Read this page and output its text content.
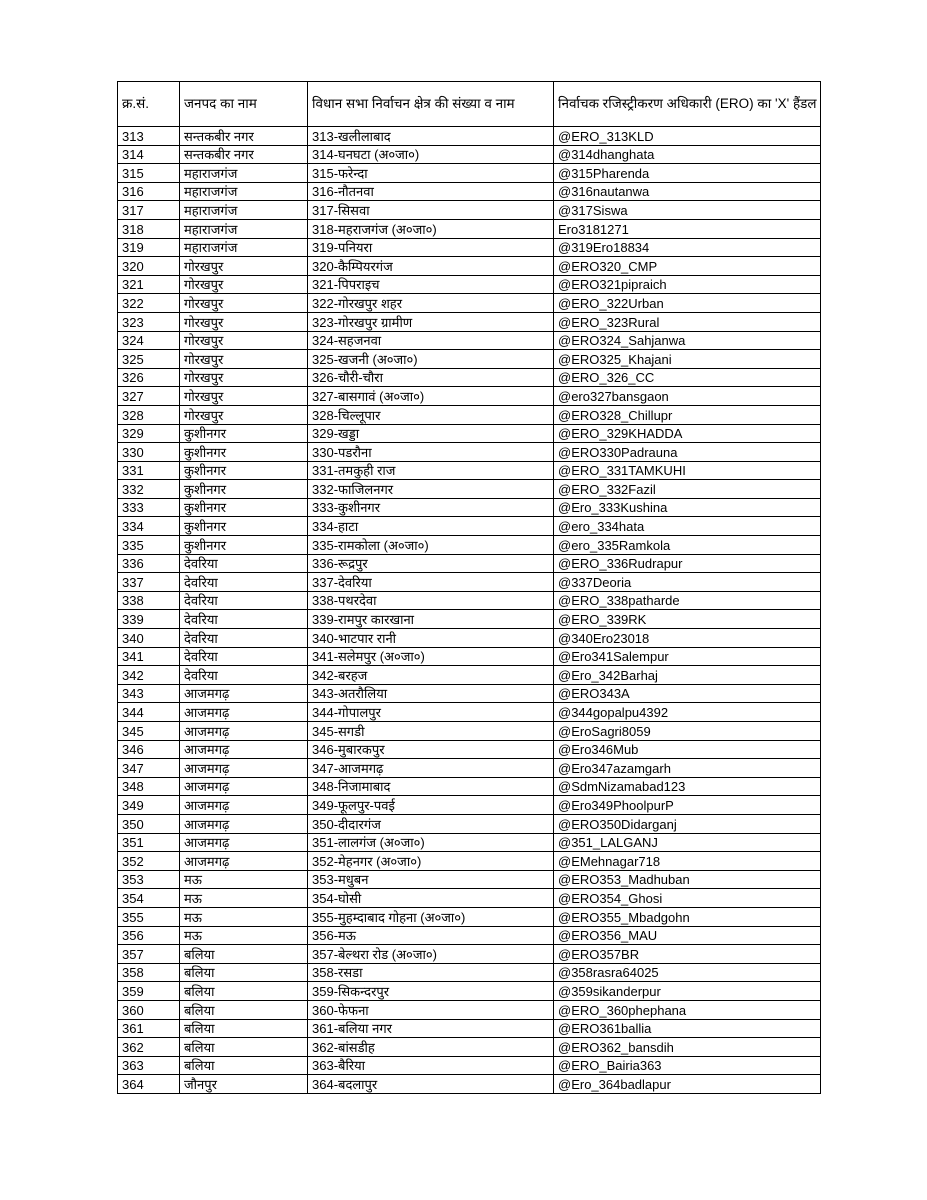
क्र.सं.	जनपद का नाम	विधान सभा निर्वाचन क्षेत्र की संख्या व नाम	निर्वाचक रजिस्ट्रीकरण अधिकारी (ERO) का 'X' हैंडल
313	सन्तकबीर नगर	313-खलीलाबाद	@ERO_313KLD
314	सन्तकबीर नगर	314-घनघटा (अ०जा०)	@314dhanghata
315	महाराजगंज	315-फरेन्दा	@315Pharenda
316	महाराजगंज	316-नौतनवा	@316nautanwa
317	महाराजगंज	317-सिसवा	@317Siswa
318	महाराजगंज	318-महराजगंज (अ०जा०)	Ero3181271
319	महाराजगंज	319-पनियरा	@319Ero18834
320	गोरखपुर	320-कैम्पियरगंज	@ERO320_CMP
321	गोरखपुर	321-पिपराइच	@ERO321pipraich
322	गोरखपुर	322-गोरखपुर शहर	@ERO_322Urban
323	गोरखपुर	323-गोरखपुर ग्रामीण	@ERO_323Rural
324	गोरखपुर	324-सहजनवा	@ERO324_Sahjanwa
325	गोरखपुर	325-खजनी (अ०जा०)	@ERO325_Khajani
326	गोरखपुर	326-चौरी-चौरा	@ERO_326_CC
327	गोरखपुर	327-बासगावं (अ०जा०)	@ero327bansgaon
328	गोरखपुर	328-चिल्लूपार	@ERO328_Chillupr
329	कुशीनगर	329-खड्डा	@ERO_329KHADDA
330	कुशीनगर	330-पडरौना	@ERO330Padrauna
331	कुशीनगर	331-तमकुही राज	@ERO_331TAMKUHI
332	कुशीनगर	332-फाजिलनगर	@ERO_332Fazil
333	कुशीनगर	333-कुशीनगर	@Ero_333Kushina
334	कुशीनगर	334-हाटा	@ero_334hata
335	कुशीनगर	335-रामकोला (अ०जा०)	@ero_335Ramkola
336	देवरिया	336-रूद्रपुर	@ERO_336Rudrapur
337	देवरिया	337-देवरिया	@337Deoria
338	देवरिया	338-पथरदेवा	@ERO_338patharde
339	देवरिया	339-रामपुर कारखाना	@ERO_339RK
340	देवरिया	340-भाटपार रानी	@340Ero23018
341	देवरिया	341-सलेमपुर (अ०जा०)	@Ero341Salempur
342	देवरिया	342-बरहज	@Ero_342Barhaj
343	आजमगढ़	343-अतरौलिया	@ERO343A
344	आजमगढ़	344-गोपालपुर	@344gopalpu4392
345	आजमगढ़	345-सगडी	@EroSagri8059
346	आजमगढ़	346-मुबारकपुर	@Ero346Mub
347	आजमगढ़	347-आजमगढ़	@Ero347azamgarh
348	आजमगढ़	348-निजामाबाद	@SdmNizamabad123
349	आजमगढ़	349-फूलपुर-पवई	@Ero349PhoolpurP
350	आजमगढ़	350-दीदारगंज	@ERO350Didarganj
351	आजमगढ़	351-लालगंज (अ०जा०)	@351_LALGANJ
352	आजमगढ़	352-मेहनगर (अ०जा०)	@EMehnagar718
353	मऊ	353-मधुबन	@ERO353_Madhuban
354	मऊ	354-घोसी	@ERO354_Ghosi
355	मऊ	355-मुहम्दाबाद गोहना (अ०जा०)	@ERO355_Mbadgohn
356	मऊ	356-मऊ	@ERO356_MAU
357	बलिया	357-बेल्थरा रोड (अ०जा०)	@ERO357BR
358	बलिया	358-रसडा	@358rasra64025
359	बलिया	359-सिकन्दरपुर	@359sikanderpur
360	बलिया	360-फेफना	@ERO_360phephana
361	बलिया	361-बलिया नगर	@ERO361ballia
362	बलिया	362-बांसडीह	@ERO362_bansdih
363	बलिया	363-बैरिया	@ERO_Bairia363
364	जौनपुर	364-बदलापुर	@Ero_364badlapur
